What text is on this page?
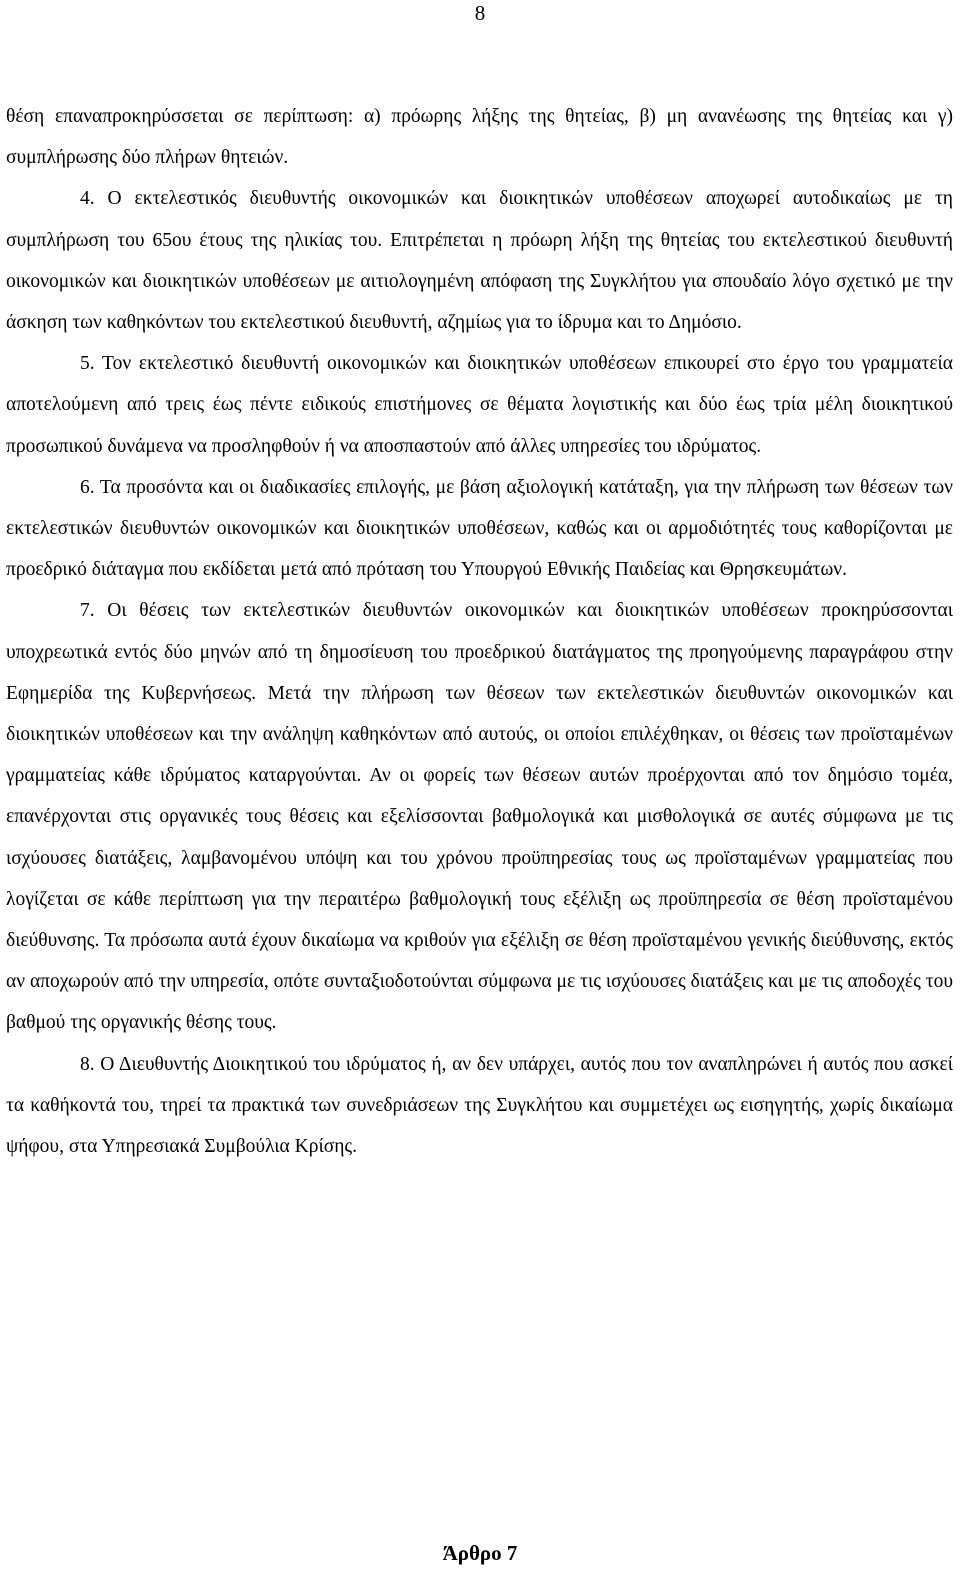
8

θέση επαναπροκηρύσσεται σε περίπτωση: α) πρόωρης λήξης της θητείας, β) μη ανανέωσης της θητείας και γ) συμπλήρωσης δύο πλήρων θητειών.

4. Ο εκτελεστικός διευθυντής οικονομικών και διοικητικών υποθέσεων αποχωρεί αυτοδικαίως με τη συμπλήρωση του 65ου έτους της ηλικίας του. Επιτρέπεται η πρόωρη λήξη της θητείας του εκτελεστικού διευθυντή οικονομικών και διοικητικών υποθέσεων με αιτιολογημένη απόφαση της Συγκλήτου για σπουδαίο λόγο σχετικό με την άσκηση των καθηκόντων του εκτελεστικού διευθυντή, αζημίως για το ίδρυμα και το Δημόσιο.

5. Τον εκτελεστικό διευθυντή οικονομικών και διοικητικών υποθέσεων επικουρεί στο έργο του γραμματεία αποτελούμενη από τρεις έως πέντε ειδικούς επιστήμονες σε θέματα λογιστικής και δύο έως τρία μέλη διοικητικού προσωπικού δυνάμενα να προσληφθούν ή να αποσπαστούν από άλλες υπηρεσίες του ιδρύματος.

6. Τα προσόντα και οι διαδικασίες επιλογής, με βάση αξιολογική κατάταξη, για την πλήρωση των θέσεων των εκτελεστικών διευθυντών οικονομικών και διοικητικών υποθέσεων, καθώς και οι αρμοδιότητές τους καθορίζονται με προεδρικό διάταγμα που εκδίδεται μετά από πρόταση του Υπουργού Εθνικής Παιδείας και Θρησκευμάτων.

7. Οι θέσεις των εκτελεστικών διευθυντών οικονομικών και διοικητικών υποθέσεων προκηρύσσονται υποχρεωτικά εντός δύο μηνών από τη δημοσίευση του προεδρικού διατάγματος της προηγούμενης παραγράφου στην Εφημερίδα της Κυβερνήσεως. Μετά την πλήρωση των θέσεων των εκτελεστικών διευθυντών οικονομικών και διοικητικών υποθέσεων και την ανάληψη καθηκόντων από αυτούς, οι οποίοι επιλέχθηκαν, οι θέσεις των προϊσταμένων γραμματείας κάθε ιδρύματος καταργούνται. Αν οι φορείς των θέσεων αυτών προέρχονται από τον δημόσιο τομέα, επανέρχονται στις οργανικές τους θέσεις και εξελίσσονται βαθμολογικά και μισθολογικά σε αυτές σύμφωνα με τις ισχύουσες διατάξεις, λαμβανομένου υπόψη και του χρόνου προϋπηρεσίας τους ως προϊσταμένων γραμματείας που λογίζεται σε κάθε περίπτωση για την περαιτέρω βαθμολογική τους εξέλιξη ως προϋπηρεσία σε θέση προϊσταμένου διεύθυνσης. Τα πρόσωπα αυτά έχουν δικαίωμα να κριθούν για εξέλιξη σε θέση προϊσταμένου γενικής διεύθυνσης, εκτός αν αποχωρούν από την υπηρεσία, οπότε συνταξιοδοτούνται σύμφωνα με τις ισχύουσες διατάξεις και με τις αποδοχές του βαθμού της οργανικής θέσης τους.

8. Ο Διευθυντής Διοικητικού του ιδρύματος ή, αν δεν υπάρχει, αυτός που τον αναπληρώνει ή αυτός που ασκεί τα καθήκοντά του, τηρεί τα πρακτικά των συνεδριάσεων της Συγκλήτου και συμμετέχει ως εισηγητής, χωρίς δικαίωμα ψήφου, στα Υπηρεσιακά Συμβούλια Κρίσης.

Άρθρο 7
